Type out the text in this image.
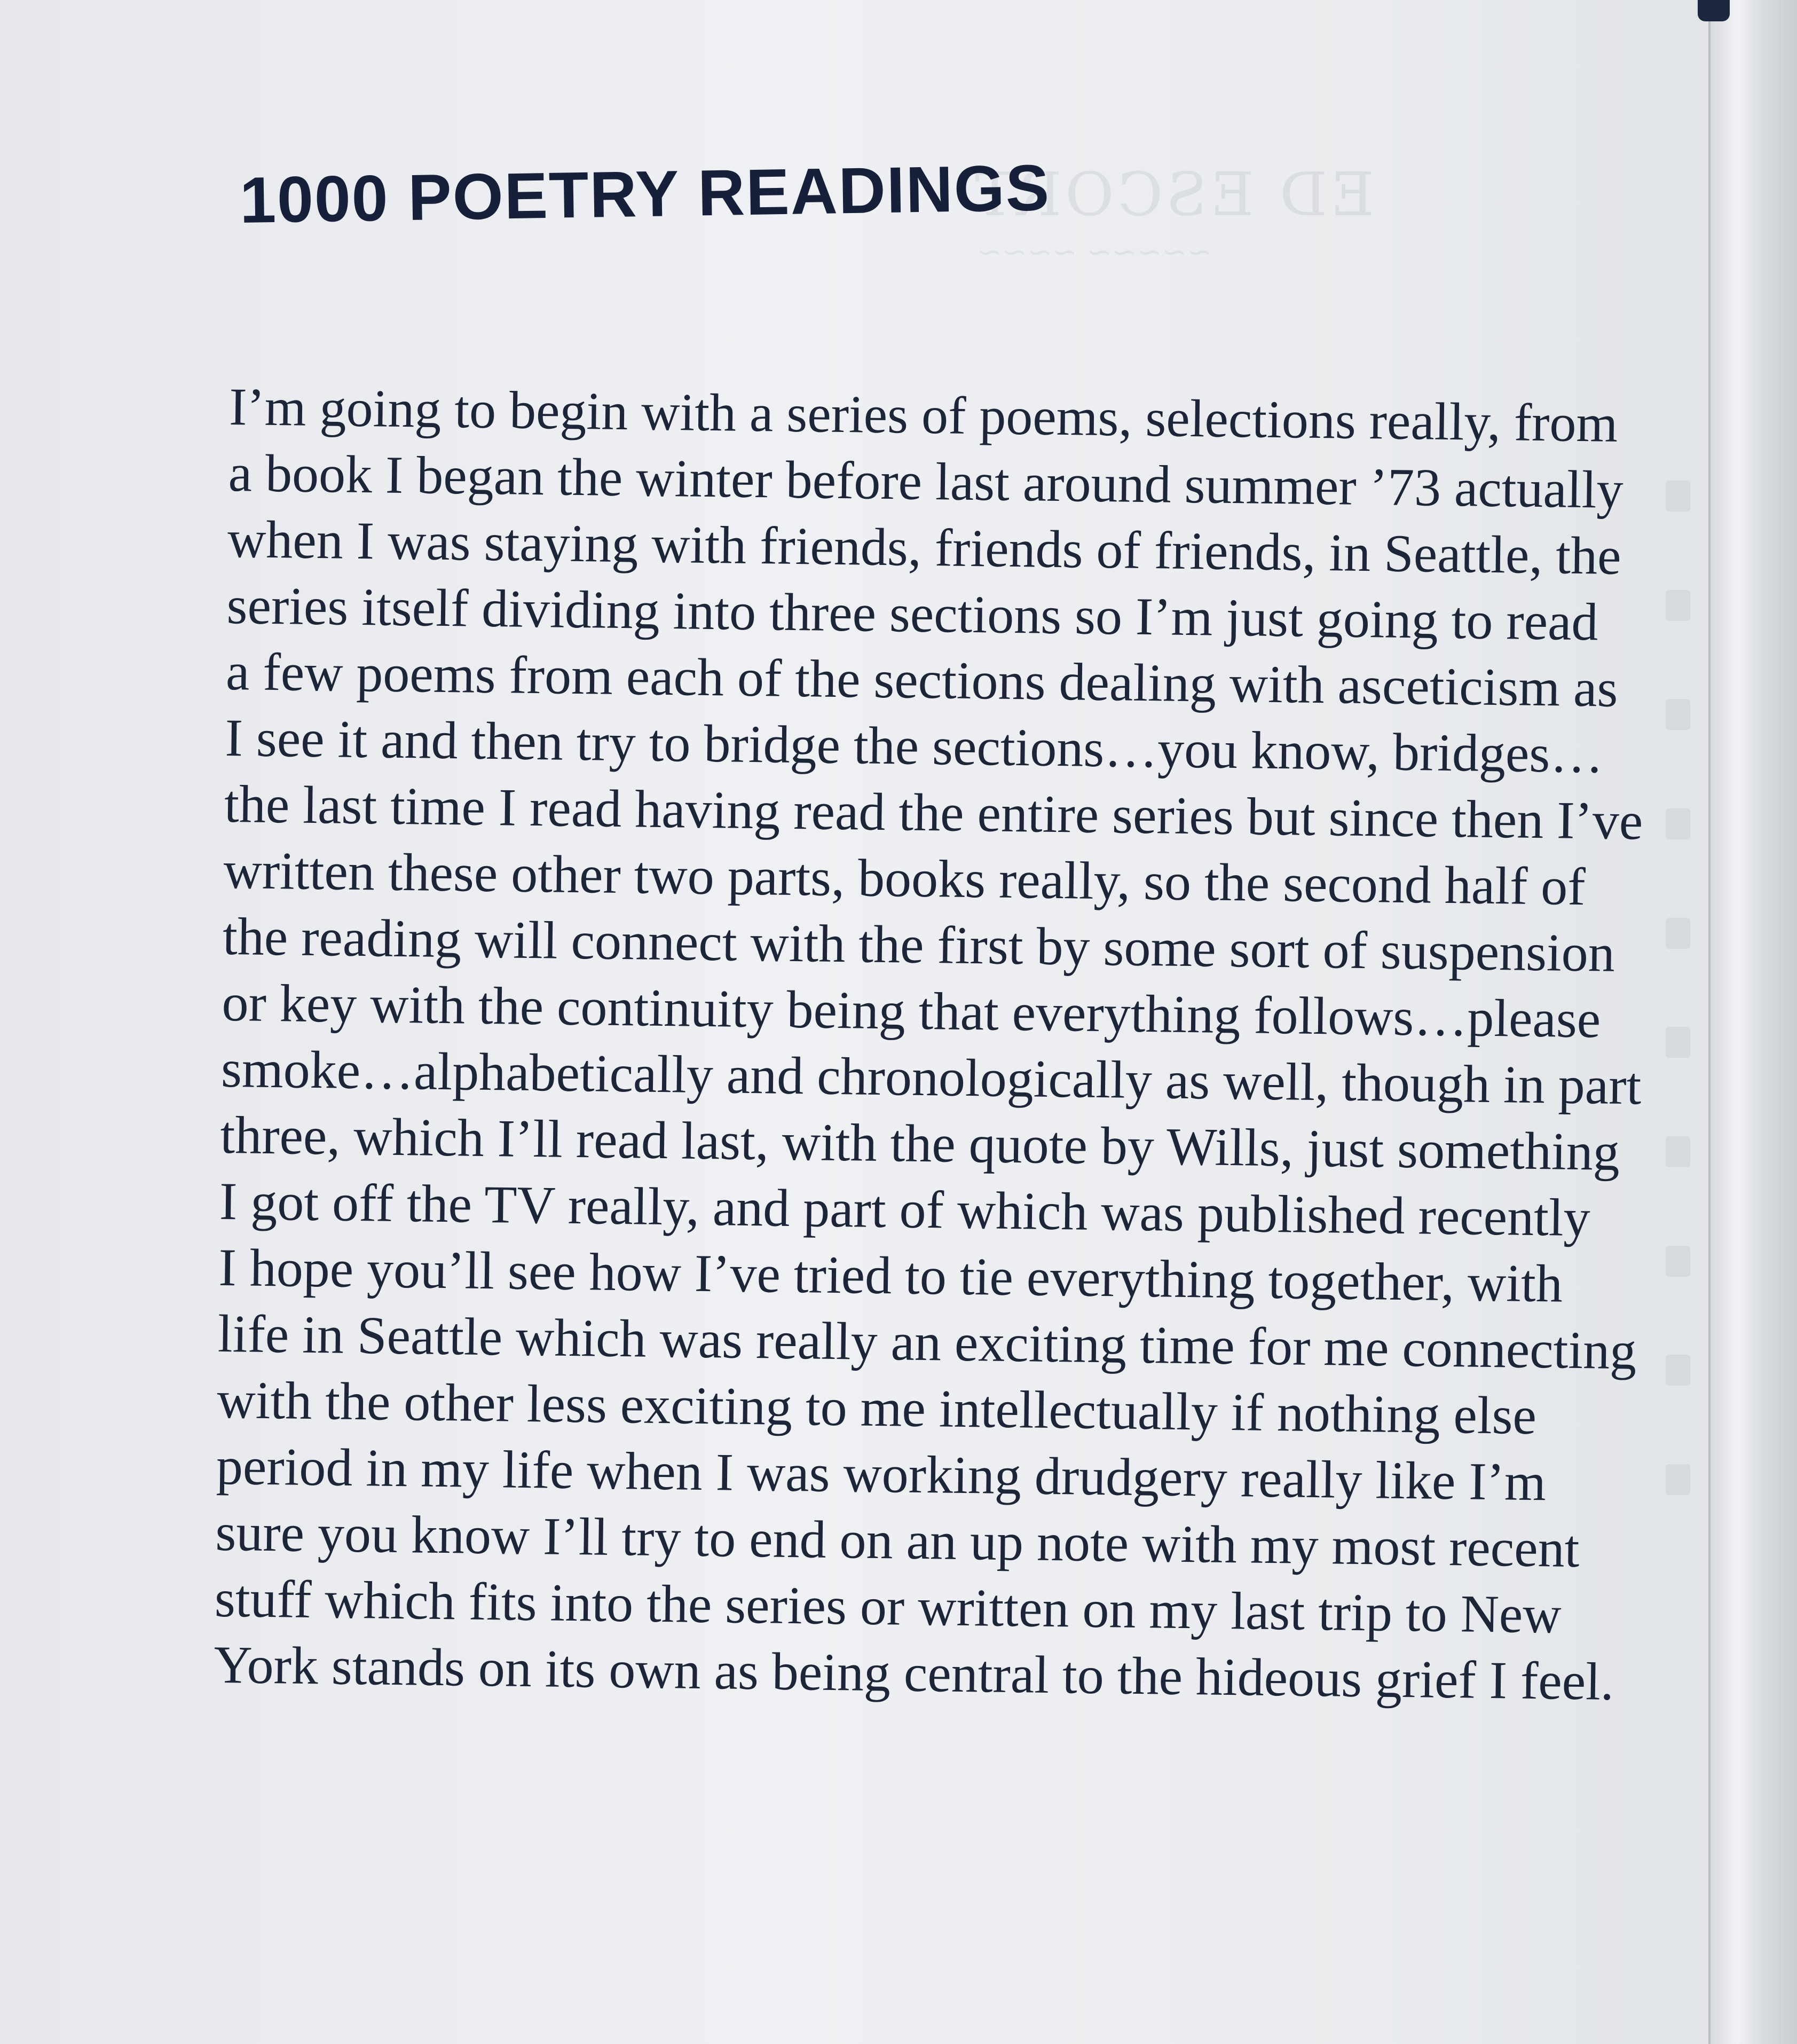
ED ESCORT
~~~~~ ~~~~
1000 POETRY READINGS

I’m going to begin with a series of poems, selections really, from

a book I began the winter before last around summer ’73 actually

when I was staying with friends, friends of friends, in Seattle, the

series itself dividing into three sections so I’m just going to read

a few poems from each of the sections dealing with asceticism as

I see it and then try to bridge the sections…you know, bridges…

the last time I read having read the entire series but since then I’ve

written these other two parts, books really, so the second half of

the reading will connect with the first by some sort of suspension

or key with the continuity being that everything follows…please

smoke…alphabetically and chronologically as well, though in part

three, which I’ll read last, with the quote by Wills, just something

I got off the TV really, and part of which was published recently

I hope you’ll see how I’ve tried to tie everything together, with

life in Seattle which was really an exciting time for me connecting

with the other less exciting to me intellectually if nothing else

period in my life when I was working drudgery really like I’m

sure you know I’ll try to end on an up note with my most recent

stuff which fits into the series or written on my last trip to New

York stands on its own as being central to the hideous grief I feel.
